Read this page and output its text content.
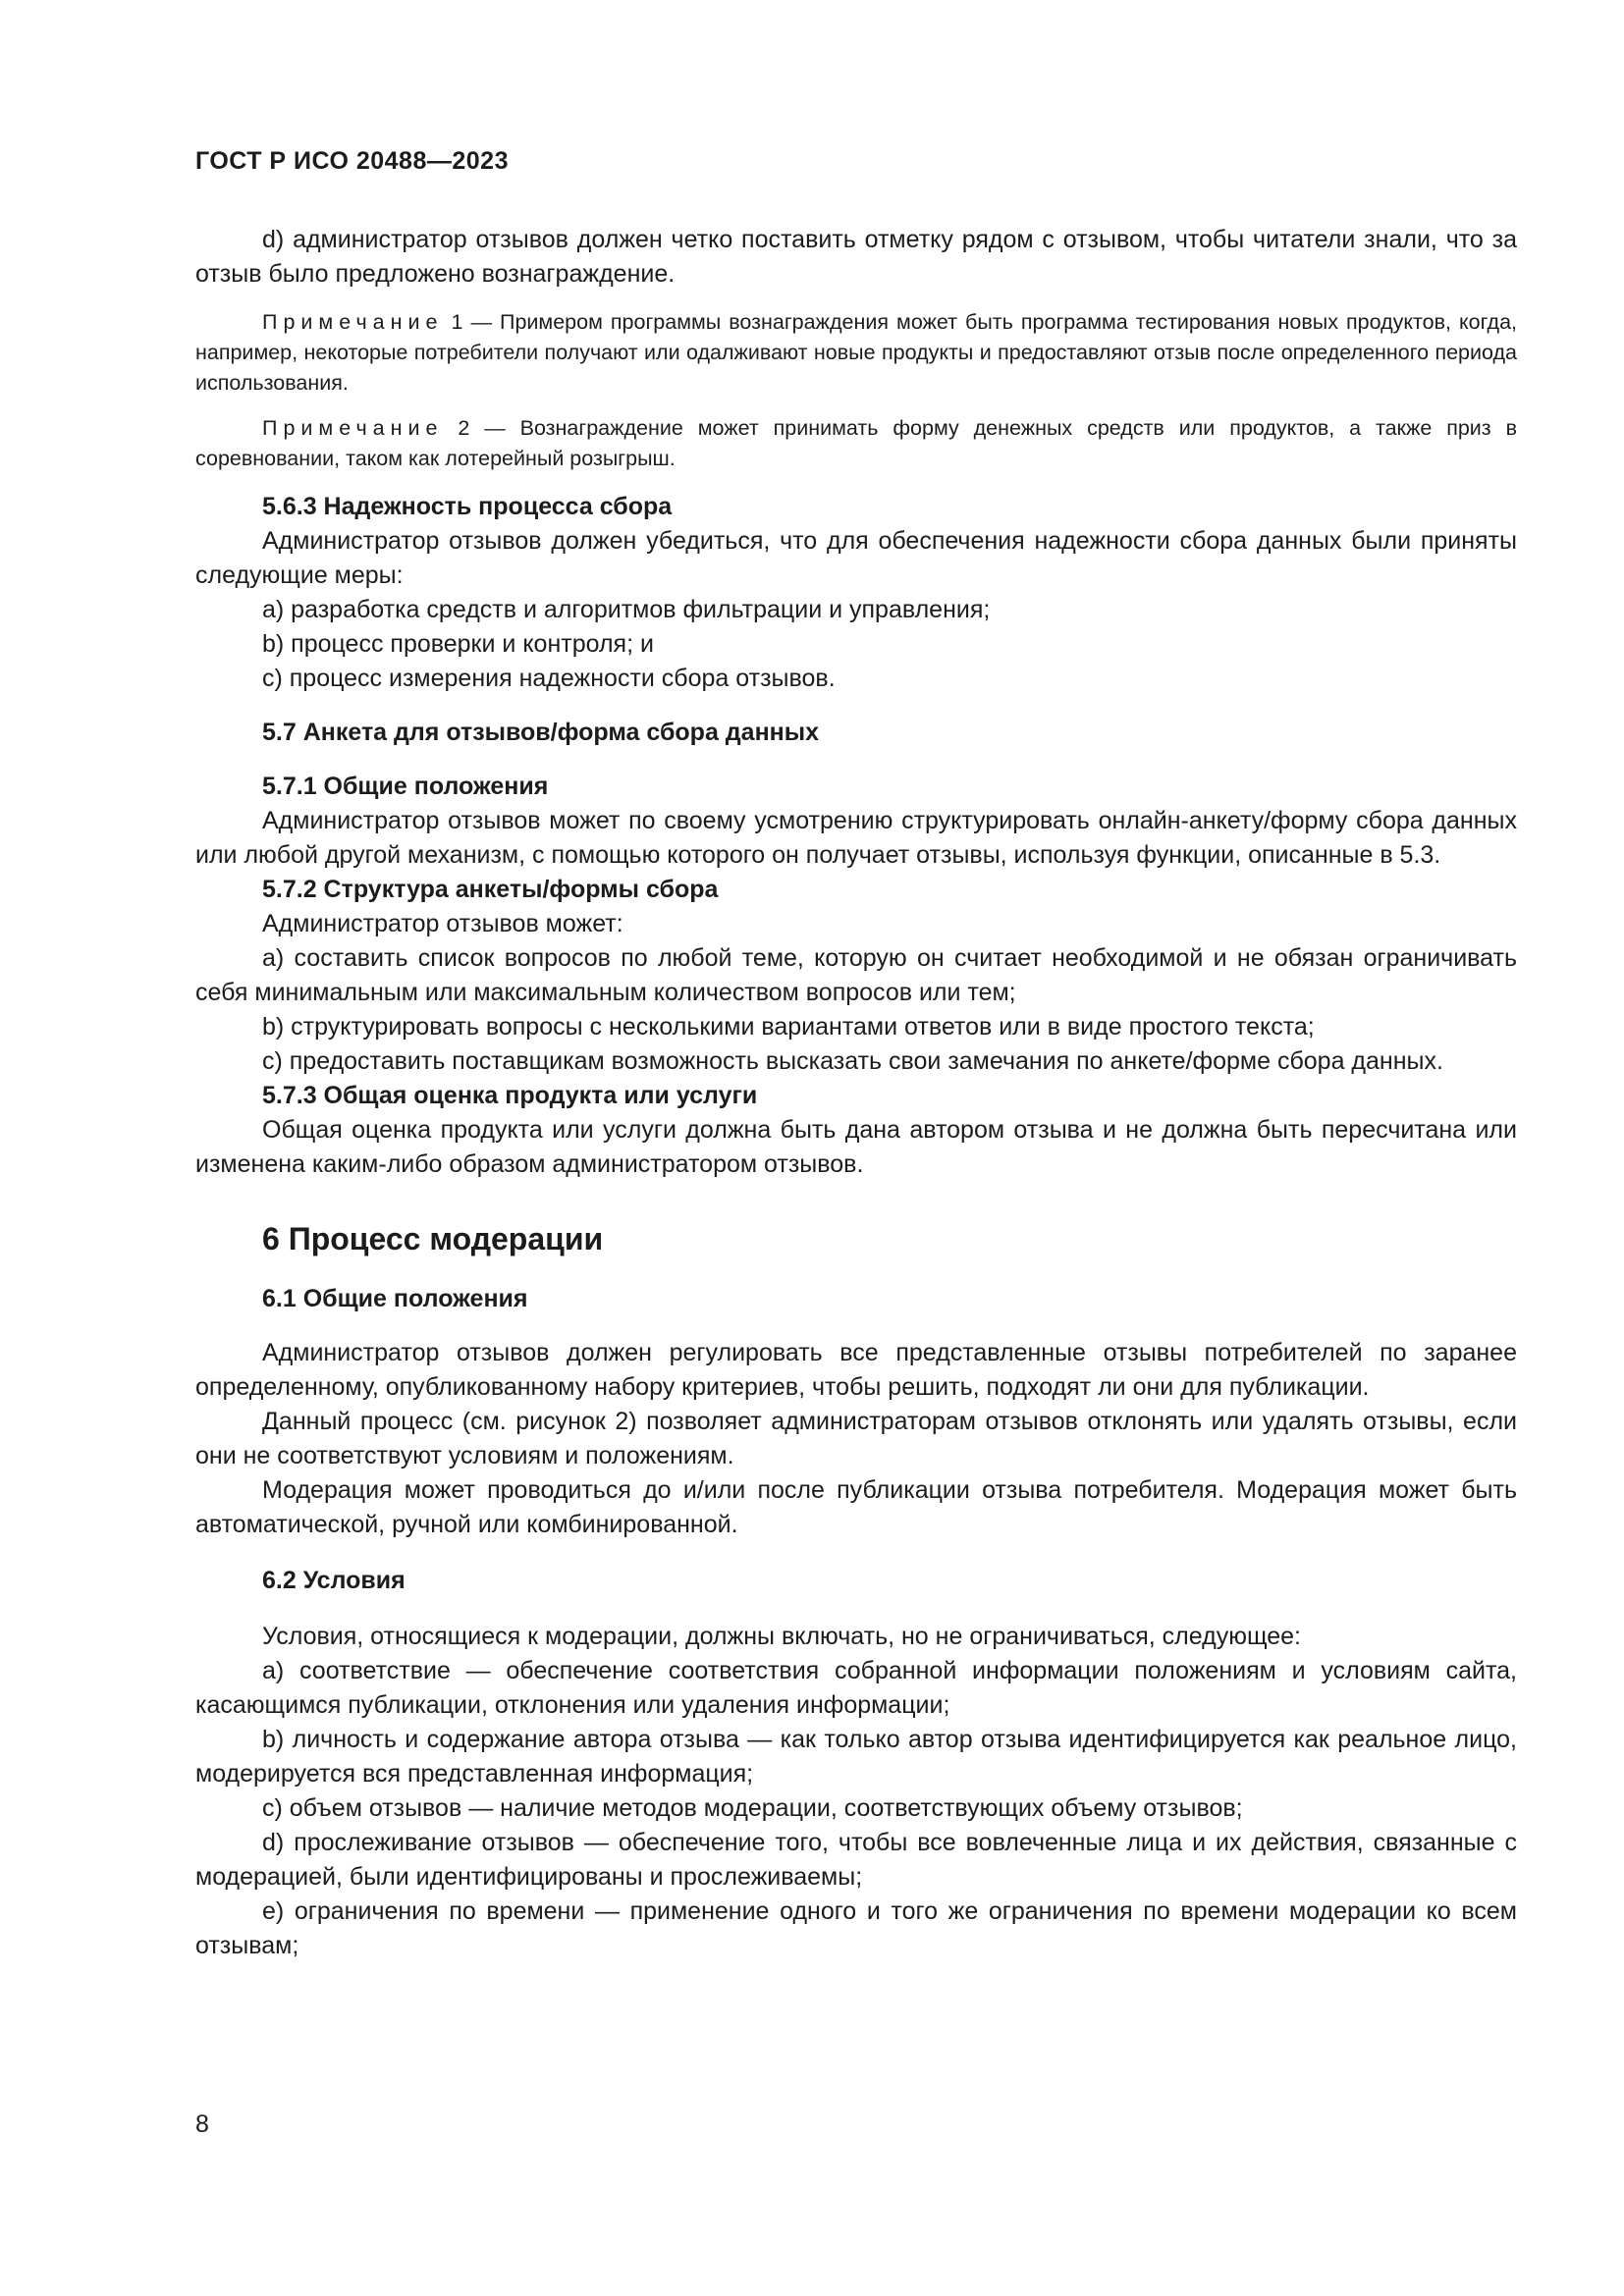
ГОСТ Р ИСО 20488—2023

d) администратор отзывов должен четко поставить отметку рядом с отзывом, чтобы читатели знали, что за отзыв было предложено вознаграждение.

Примечание 1 — Примером программы вознаграждения может быть программа тестирования новых продуктов, когда, например, некоторые потребители получают или одалживают новые продукты и предоставляют отзыв после определенного периода использования.

Примечание 2 — Вознаграждение может принимать форму денежных средств или продуктов, а также приз в соревновании, таком как лотерейный розыгрыш.

5.6.3 Надежность процесса сбора

Администратор отзывов должен убедиться, что для обеспечения надежности сбора данных были приняты следующие меры:

a) разработка средств и алгоритмов фильтрации и управления;

b) процесс проверки и контроля; и

c) процесс измерения надежности сбора отзывов.

5.7 Анкета для отзывов/форма сбора данных
5.7.1 Общие положения

Администратор отзывов может по своему усмотрению структурировать онлайн-анкету/форму сбора данных или любой другой механизм, с помощью которого он получает отзывы, используя функции, описанные в 5.3.

5.7.2 Структура анкеты/формы сбора

Администратор отзывов может:

a) составить список вопросов по любой теме, которую он считает необходимой и не обязан ограничивать себя минимальным или максимальным количеством вопросов или тем;

b) структурировать вопросы с несколькими вариантами ответов или в виде простого текста;

c) предоставить поставщикам возможность высказать свои замечания по анкете/форме сбора данных.

5.7.3 Общая оценка продукта или услуги

Общая оценка продукта или услуги должна быть дана автором отзыва и не должна быть пересчитана или изменена каким-либо образом администратором отзывов.

6 Процесс модерации
6.1 Общие положения

Администратор отзывов должен регулировать все представленные отзывы потребителей по заранее определенному, опубликованному набору критериев, чтобы решить, подходят ли они для публикации.

Данный процесс (см. рисунок 2) позволяет администраторам отзывов отклонять или удалять отзывы, если они не соответствуют условиям и положениям.

Модерация может проводиться до и/или после публикации отзыва потребителя. Модерация может быть автоматической, ручной или комбинированной.

6.2 Условия

Условия, относящиеся к модерации, должны включать, но не ограничиваться, следующее:

a) соответствие — обеспечение соответствия собранной информации положениям и условиям сайта, касающимся публикации, отклонения или удаления информации;

b) личность и содержание автора отзыва — как только автор отзыва идентифицируется как реальное лицо, модерируется вся представленная информация;

c) объем отзывов — наличие методов модерации, соответствующих объему отзывов;

d) прослеживание отзывов — обеспечение того, чтобы все вовлеченные лица и их действия, связанные с модерацией, были идентифицированы и прослеживаемы;

e) ограничения по времени — применение одного и того же ограничения по времени модерации ко всем отзывам;

8
